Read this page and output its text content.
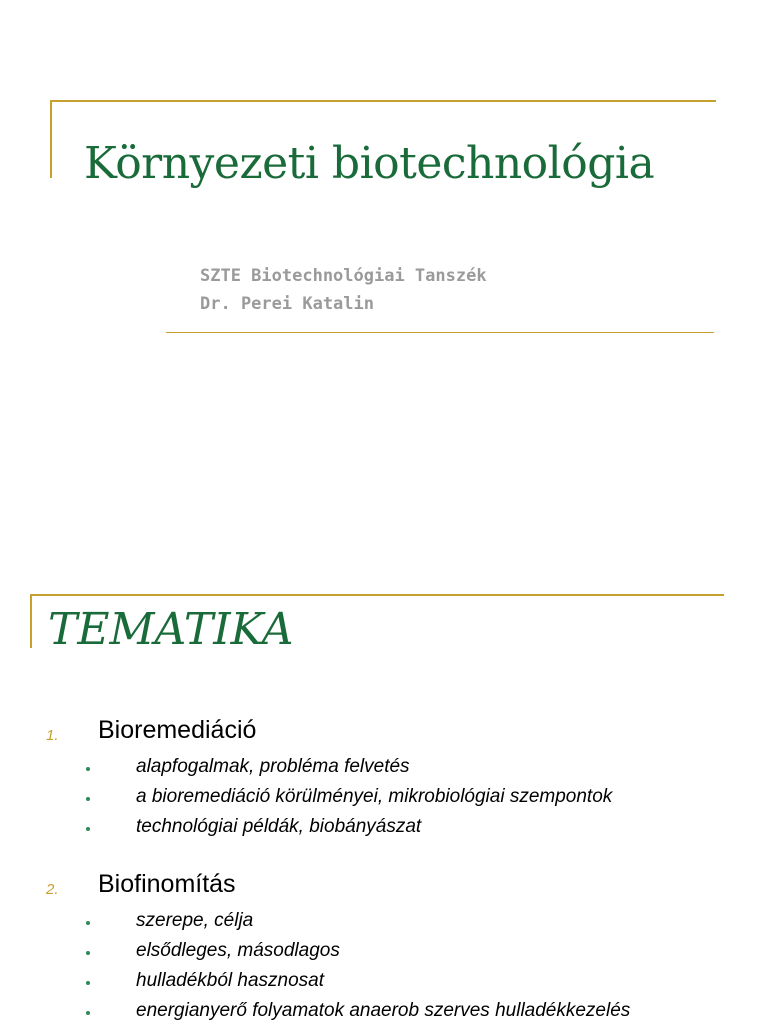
Környezeti biotechnológia
SZTE Biotechnológiai Tanszék
Dr. Perei Katalin
TEMATIKA
1. Bioremediáció
alapfogalmak, probléma felvetés
a bioremediáció körülményei, mikrobiológiai szempontok
technológiai példák, biobányászat
2. Biofinomítás
szerepe, célja
elsődleges, másodlagos
hulladékból hasznosat
energianyerő folyamatok anaerob szerves hulladékkezelés
